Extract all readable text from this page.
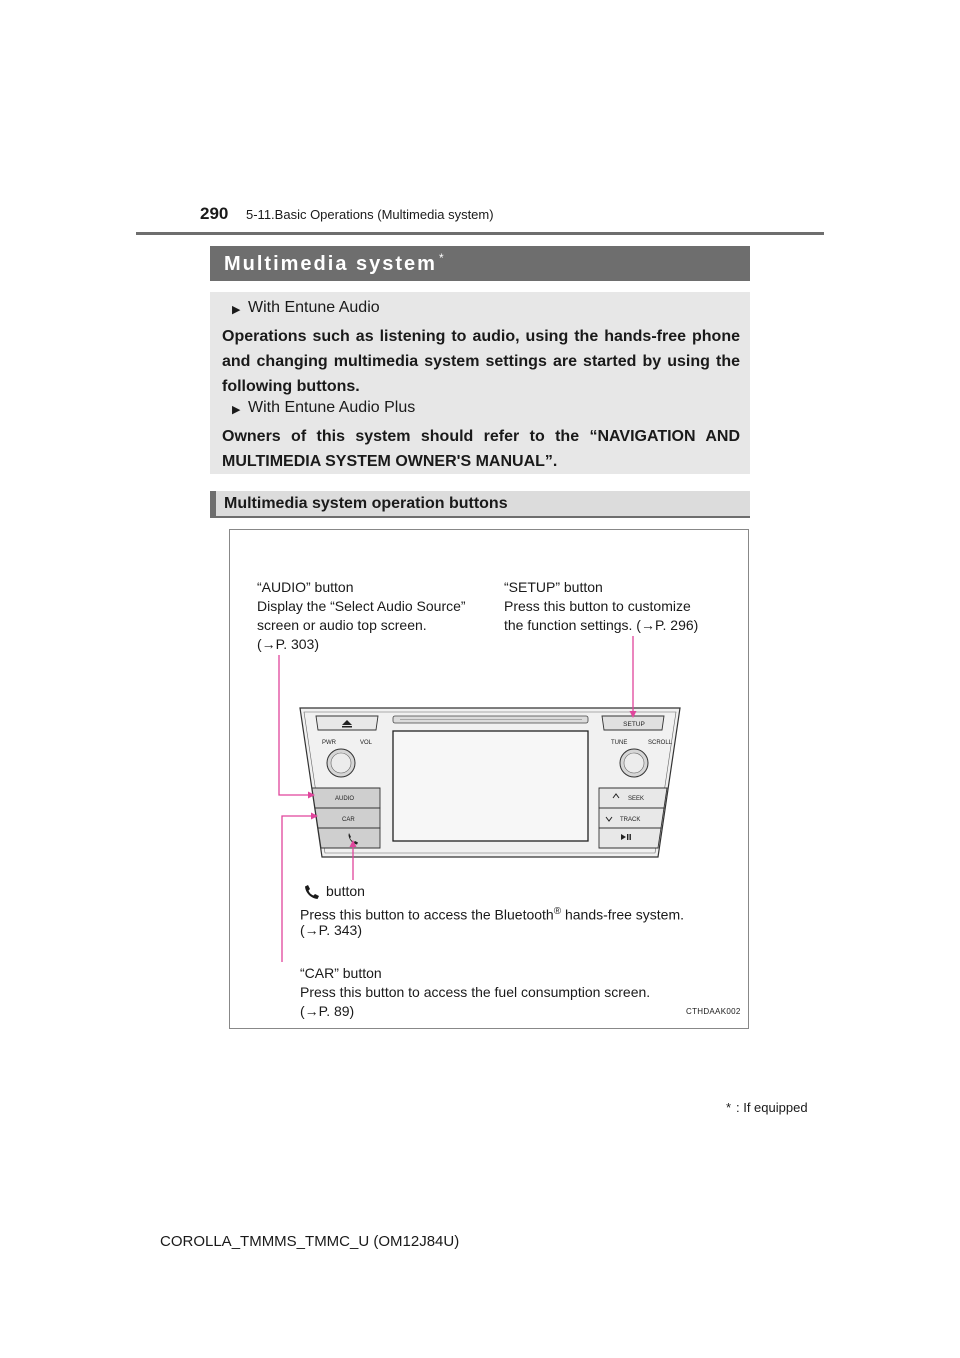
290 5-11.Basic Operations (Multimedia system)
Multimedia system *
▶ With Entune Audio
Operations such as listening to audio, using the hands-free phone and changing multimedia system settings are started by using the following buttons.
▶ With Entune Audio Plus
Owners of this system should refer to the “NAVIGATION AND MULTIMEDIA SYSTEM OWNER'S MANUAL”.
Multimedia system operation buttons
“AUDIO” button
Display the “Select Audio Source”
screen or audio top screen.
(→P. 303)
“SETUP” button
Press this button to customize
the function settings. (→P. 296)

button

Press this button to access the Bluetooth® hands-free system.
(→P. 343)
“CAR” button
Press this button to access the fuel consumption screen.
(→P. 89)
SETUP
PWR	VOL	TUNE	SCROLL
AUDIO
CAR
SEEK
TRACK
CTHDAAK002
* : If equipped
COROLLA_TMMMS_TMMC_U (OM12J84U)
